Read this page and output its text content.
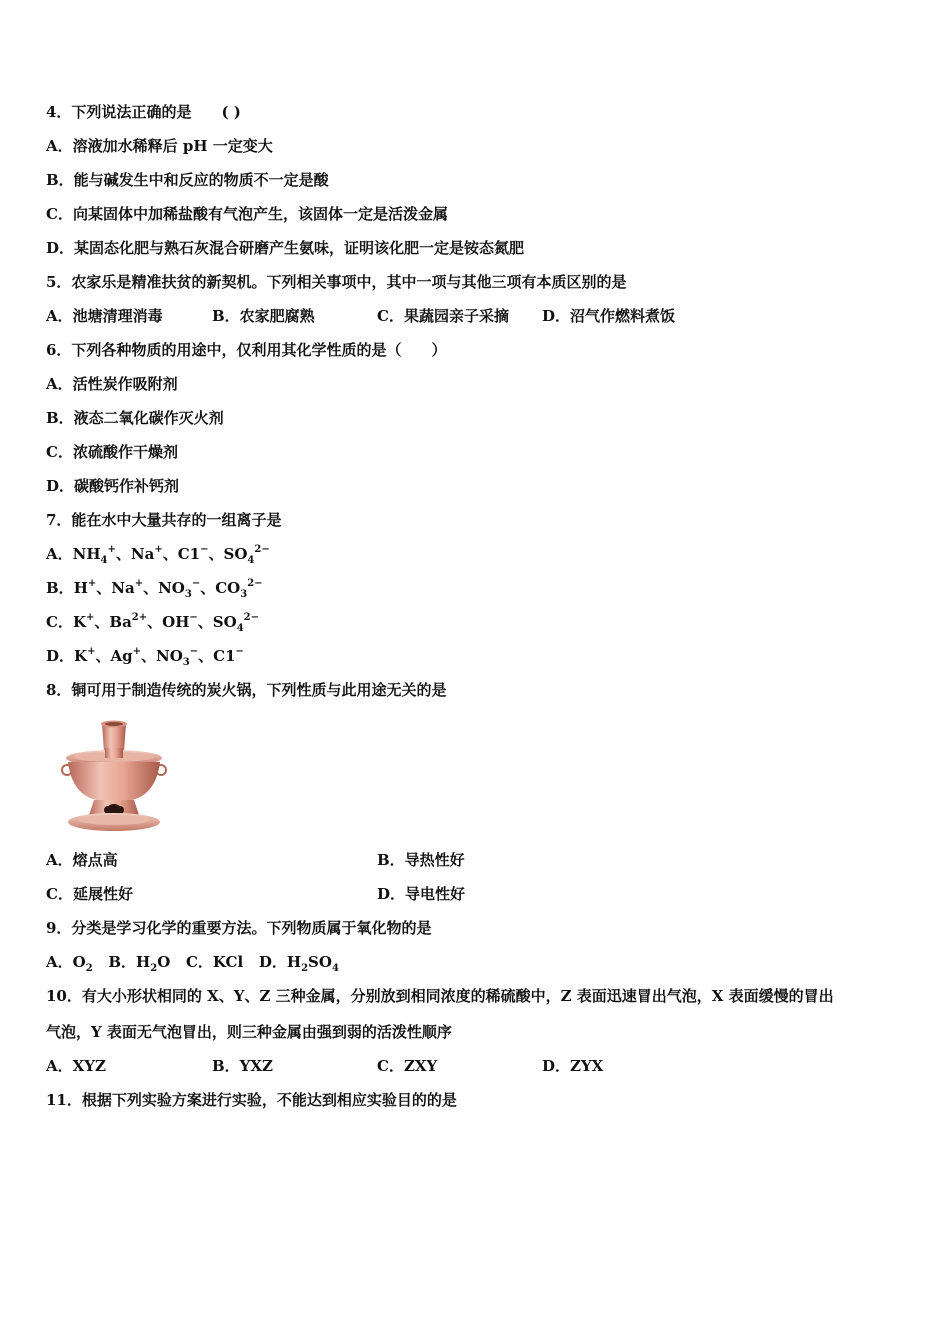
4．下列说法正确的是　　( )
A．溶液加水稀释后 pH 一定变大
B．能与碱发生中和反应的物质不一定是酸
C．向某固体中加稀盐酸有气泡产生，该固体一定是活泼金属
D．某固态化肥与熟石灰混合研磨产生氨味，证明该化肥一定是铵态氮肥
5．农家乐是精准扶贫的新契机。下列相关事项中，其中一项与其他三项有本质区别的是
A．池塘清理消毒	B．农家肥腐熟	C．果蔬园亲子采摘 D．沼气作燃料煮饭
6．下列各种物质的用途中，仅利用其化学性质的是（　　）
A．活性炭作吸附剂
B．液态二氧化碳作灭火剂
C．浓硫酸作干燥剂
D．碳酸钙作补钙剂
7．能在水中大量共存的一组离子是
A．$NH_4^+$、Na+、C1−、$SO_4^{2-}$
B．H+、Na+、$NO_3^-$、$CO_3^{2-}$
C．K+、$Ba^{2+}$、OH−、$SO_4^{2-}$
D．K+、Ag+、$NO_3^-$、C1−
8．铜可用于制造传统的炭火锅，下列性质与此用途无关的是
A．熔点高	B．导热性好
C．延展性好	D．导电性好
9．分类是学习化学的重要方法。下列物质属于氧化物的是
A．$O_2$ B．$H_2O$ C．KCl D．$H_2SO_4$
10．有大小形状相同的 X、Y、Z 三种金属，分别放到相同浓度的稀硫酸中，Z 表面迅速冒出气泡，X 表面缓慢的冒出
气泡，Y 表面无气泡冒出，则三种金属由强到弱的活泼性顺序
A．XYZ	B．YXZ	C．ZXY	D．ZYX
11．根据下列实验方案进行实验，不能达到相应实验目的的是
